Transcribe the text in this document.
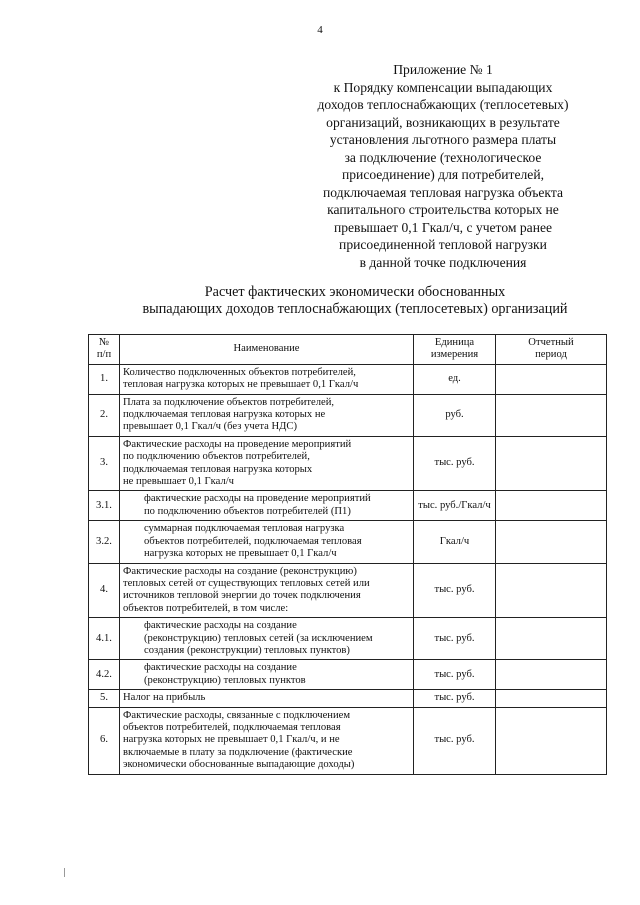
4
Приложение № 1
к Порядку компенсации выпадающих
доходов теплоснабжающих (теплосетевых)
организаций, возникающих в результате
установления льготного размера платы
за подключение (технологическое
присоединение) для потребителей,
подключаемая тепловая нагрузка объекта
капитального строительства которых не
превышает 0,1 Гкал/ч, с учетом ранее
присоединенной тепловой нагрузки
в данной точке подключения
Расчет фактических экономически обоснованных
выпадающих доходов теплоснабжающих (теплосетевых) организаций
№
п/п	Наименование	Единица
измерения	Отчетный
период

1.	Количество подключенных объектов потребителей,
тепловая нагрузка которых не превышает 0,1 Гкал/ч	ед.	
2.	Плата за подключение объектов потребителей,
подключаемая тепловая нагрузка которых не
превышает 0,1 Гкал/ч (без учета НДС)	руб.	
3.	Фактические расходы на проведение мероприятий
по подключению объектов потребителей,
подключаемая тепловая нагрузка которых
не превышает 0,1 Гкал/ч	тыс. руб.	
3.1.	фактические расходы на проведение мероприятий
по подключению объектов потребителей (П1)	тыс. руб./Гкал/ч	
3.2.	суммарная подключаемая тепловая нагрузка
объектов потребителей, подключаемая тепловая
нагрузка которых не превышает 0,1 Гкал/ч	Гкал/ч	
4.	Фактические расходы на создание (реконструкцию)
тепловых сетей от существующих тепловых сетей или
источников тепловой энергии до точек подключения
объектов потребителей, в том числе:	тыс. руб.	
4.1.	фактические расходы на создание
(реконструкцию) тепловых сетей (за исключением
создания (реконструкции) тепловых пунктов)	тыс. руб.	
4.2.	фактические расходы на создание
(реконструкцию) тепловых пунктов	тыс. руб.	
5.	Налог на прибыль	тыс. руб.	
6.	Фактические расходы, связанные с подключением
объектов потребителей, подключаемая тепловая
нагрузка которых не превышает 0,1 Гкал/ч, и не
включаемые в плату за подключение (фактические
экономически обоснованные выпадающие доходы)	тыс. руб.	
